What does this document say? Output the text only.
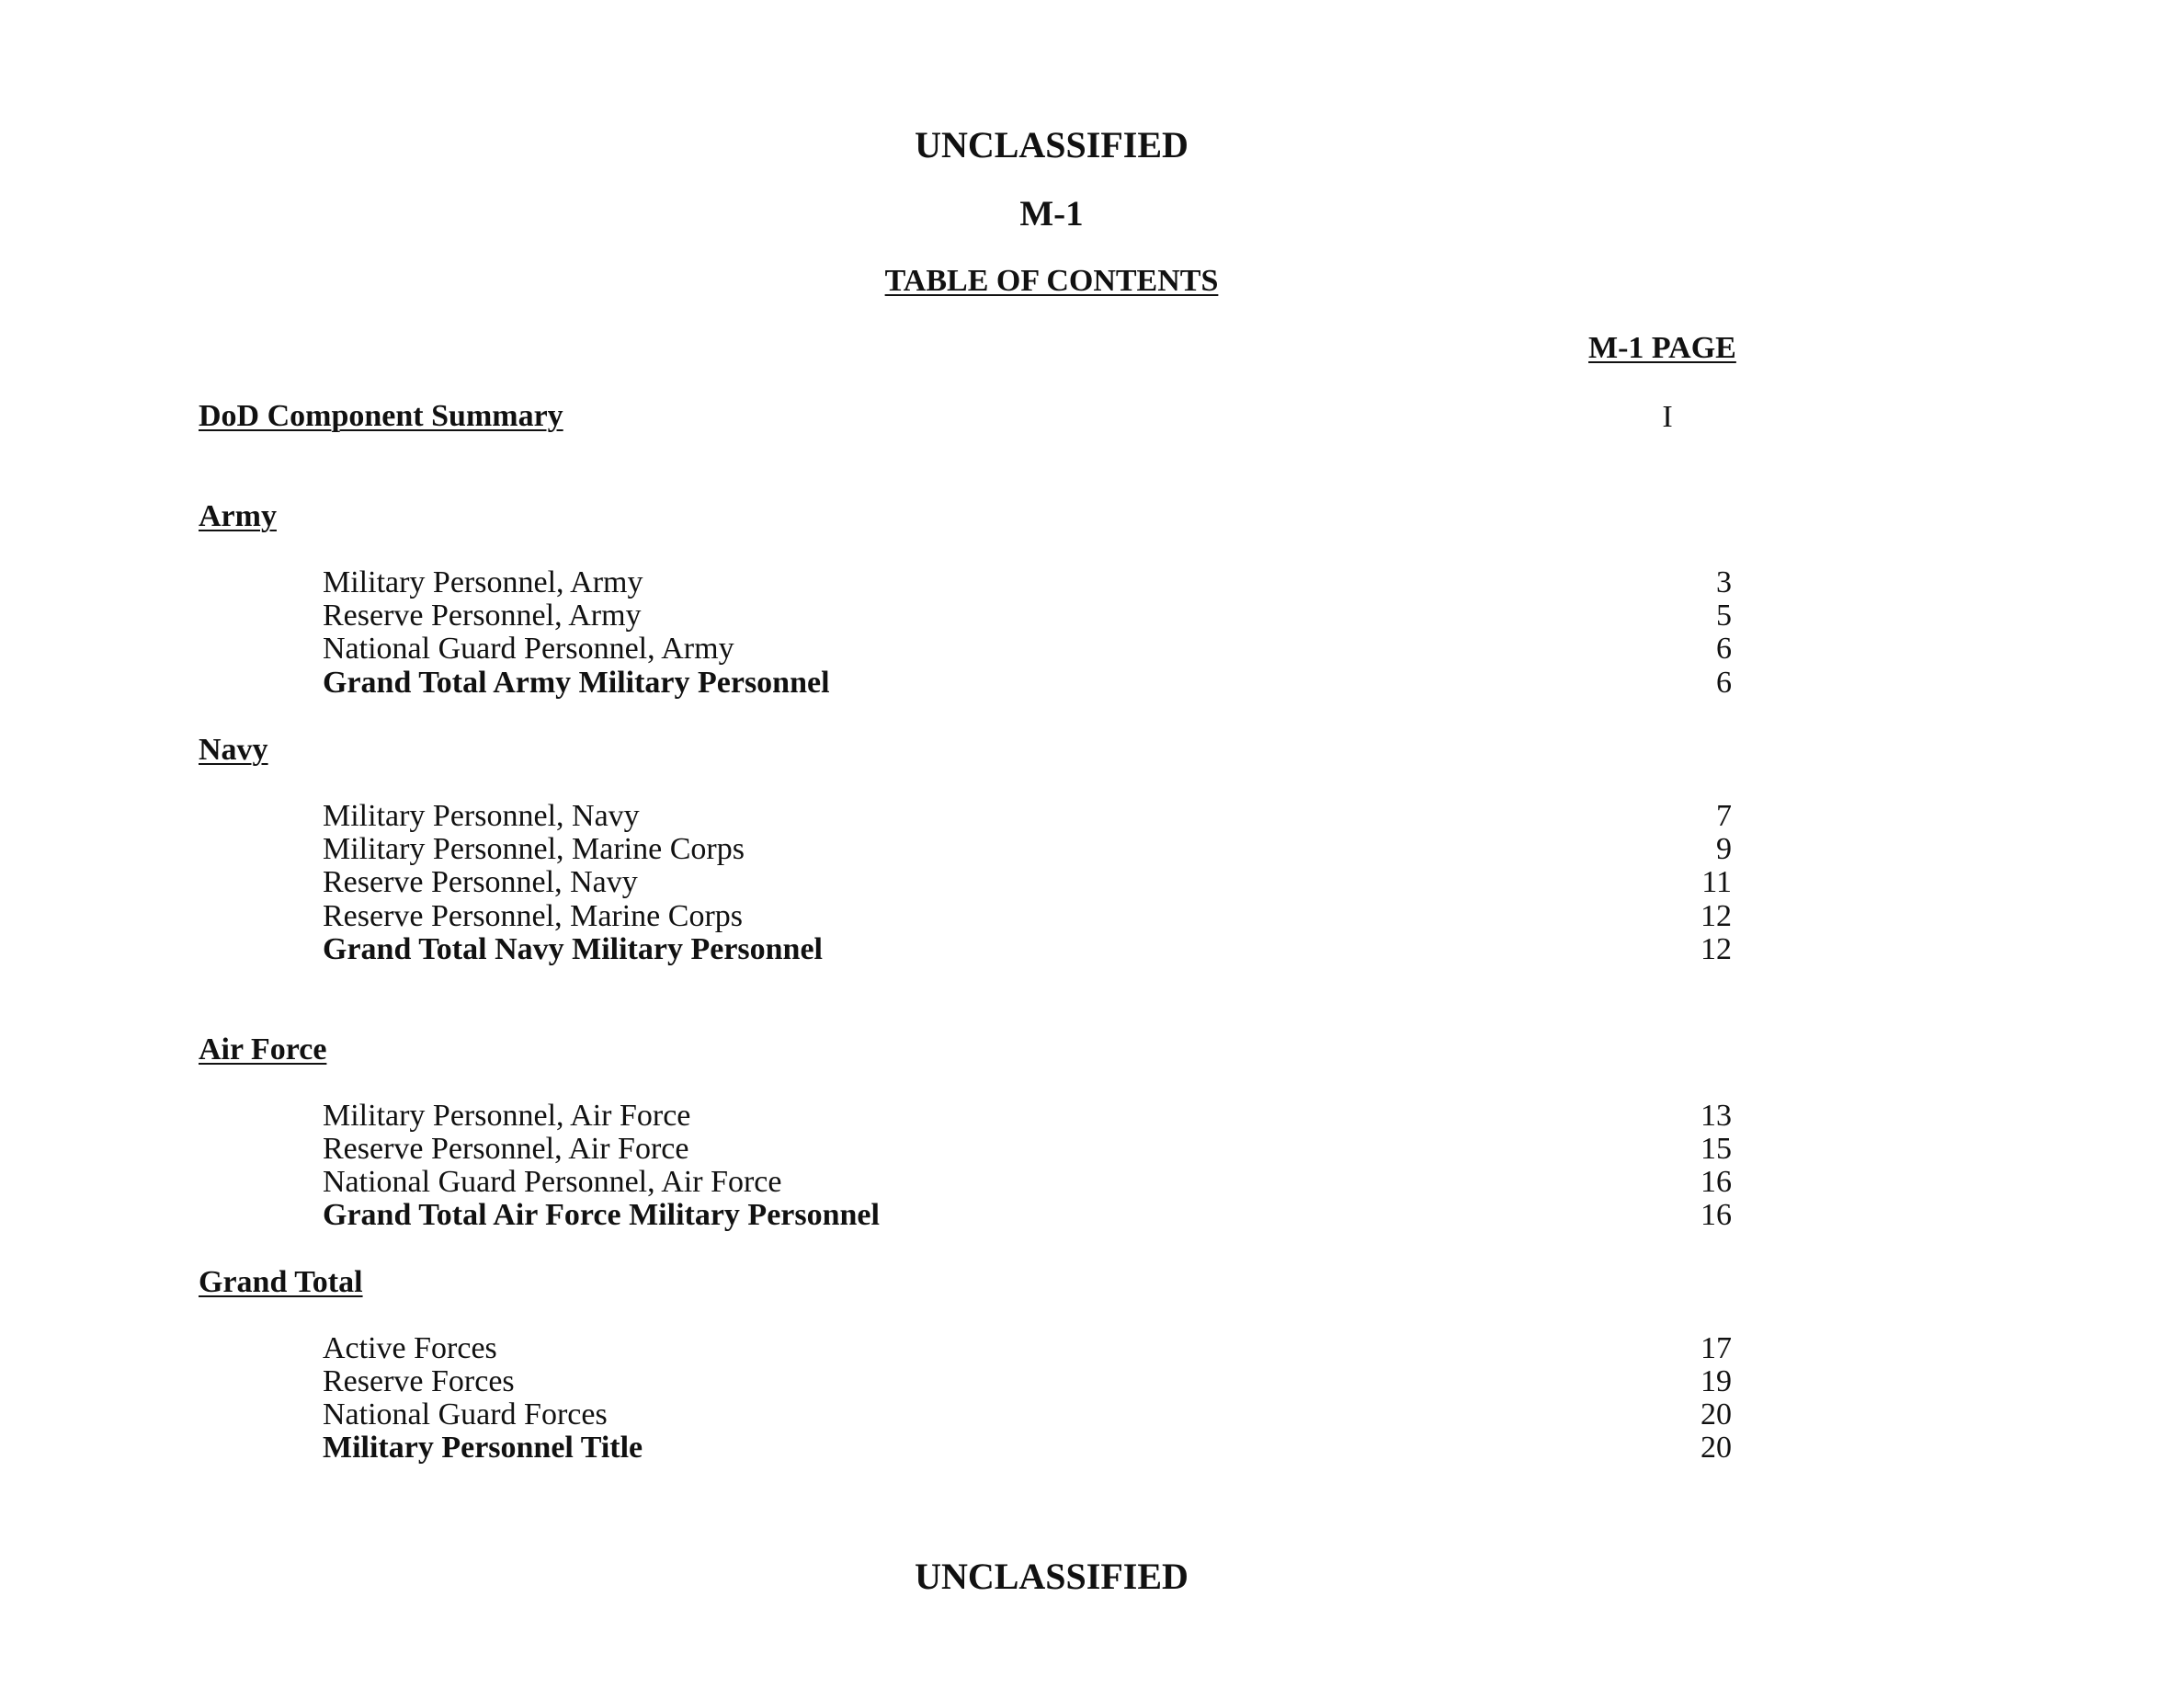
UNCLASSIFIED
M-1
TABLE OF CONTENTS
M-1 PAGE
DoD Component Summary	I
Army
Military Personnel, Army	3
Reserve Personnel, Army	5
National Guard Personnel, Army	6
Grand Total Army Military Personnel	6
Navy
Military Personnel, Navy	7
Military Personnel, Marine Corps	9
Reserve Personnel, Navy	11
Reserve Personnel, Marine Corps	12
Grand Total Navy Military Personnel	12
Air Force
Military Personnel, Air Force	13
Reserve Personnel, Air Force	15
National Guard Personnel, Air Force	16
Grand Total Air Force Military Personnel	16
Grand Total
Active Forces	17
Reserve Forces	19
National Guard Forces	20
Military Personnel Title	20
UNCLASSIFIED
